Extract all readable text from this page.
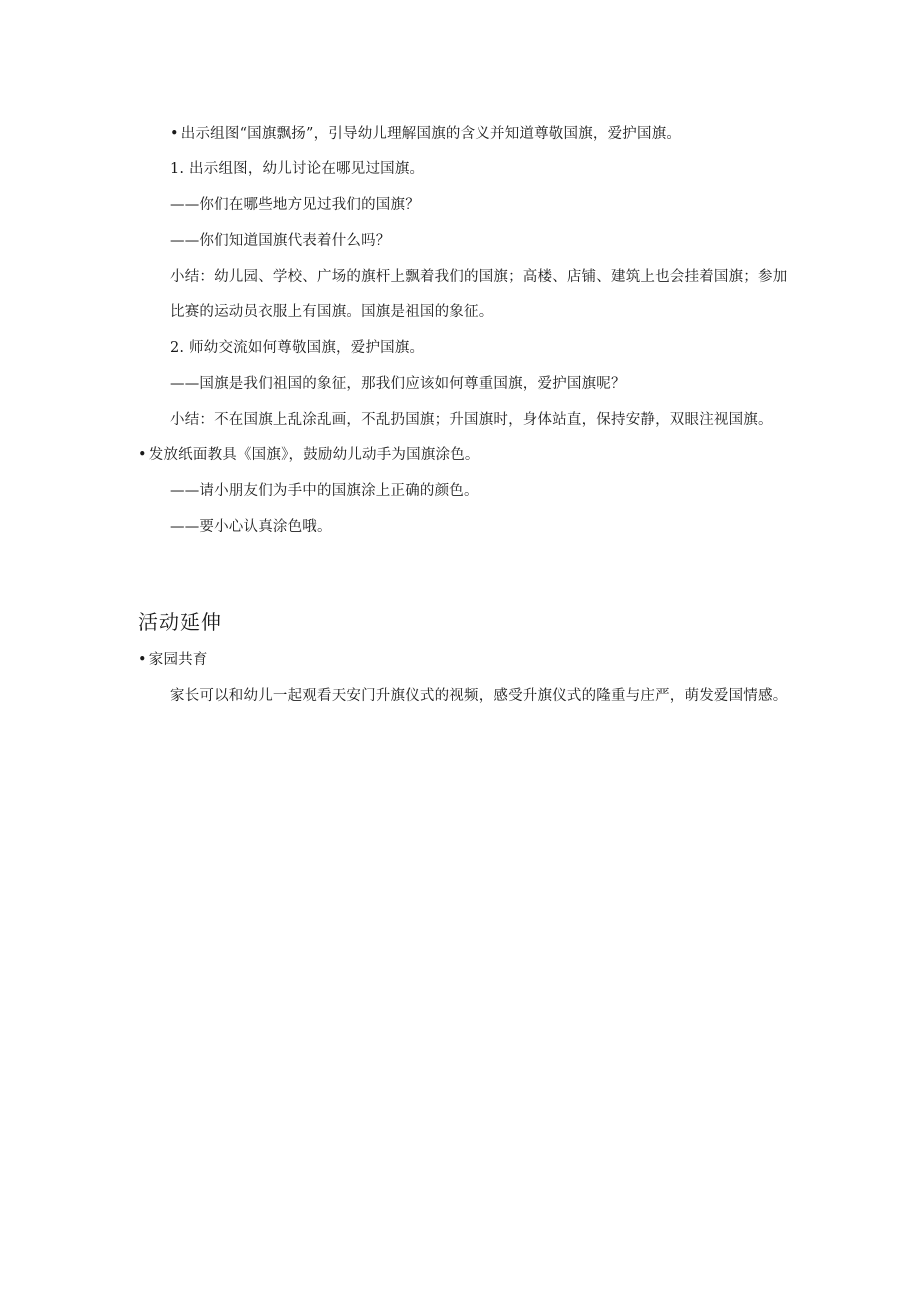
• 出示组图“国旗飘扬”，引导幼儿理解国旗的含义并知道尊敬国旗，爱护国旗。
1. 出示组图，幼儿讨论在哪见过国旗。
——你们在哪些地方见过我们的国旗？
——你们知道国旗代表着什么吗？
小结：幼儿园、学校、广场的旗杆上飘着我们的国旗；高楼、店铺、建筑上也会挂着国旗；参加
比赛的运动员衣服上有国旗。国旗是祖国的象征。
2. 师幼交流如何尊敬国旗，爱护国旗。
——国旗是我们祖国的象征，那我们应该如何尊重国旗，爱护国旗呢？
小结：不在国旗上乱涂乱画，不乱扔国旗；升国旗时，身体站直，保持安静，双眼注视国旗。
• 发放纸面教具《国旗》，鼓励幼儿动手为国旗涂色。
——请小朋友们为手中的国旗涂上正确的颜色。
——要小心认真涂色哦。
活动延伸
• 家园共育
家长可以和幼儿一起观看天安门升旗仪式的视频，感受升旗仪式的隆重与庄严，萌发爱国情感。
